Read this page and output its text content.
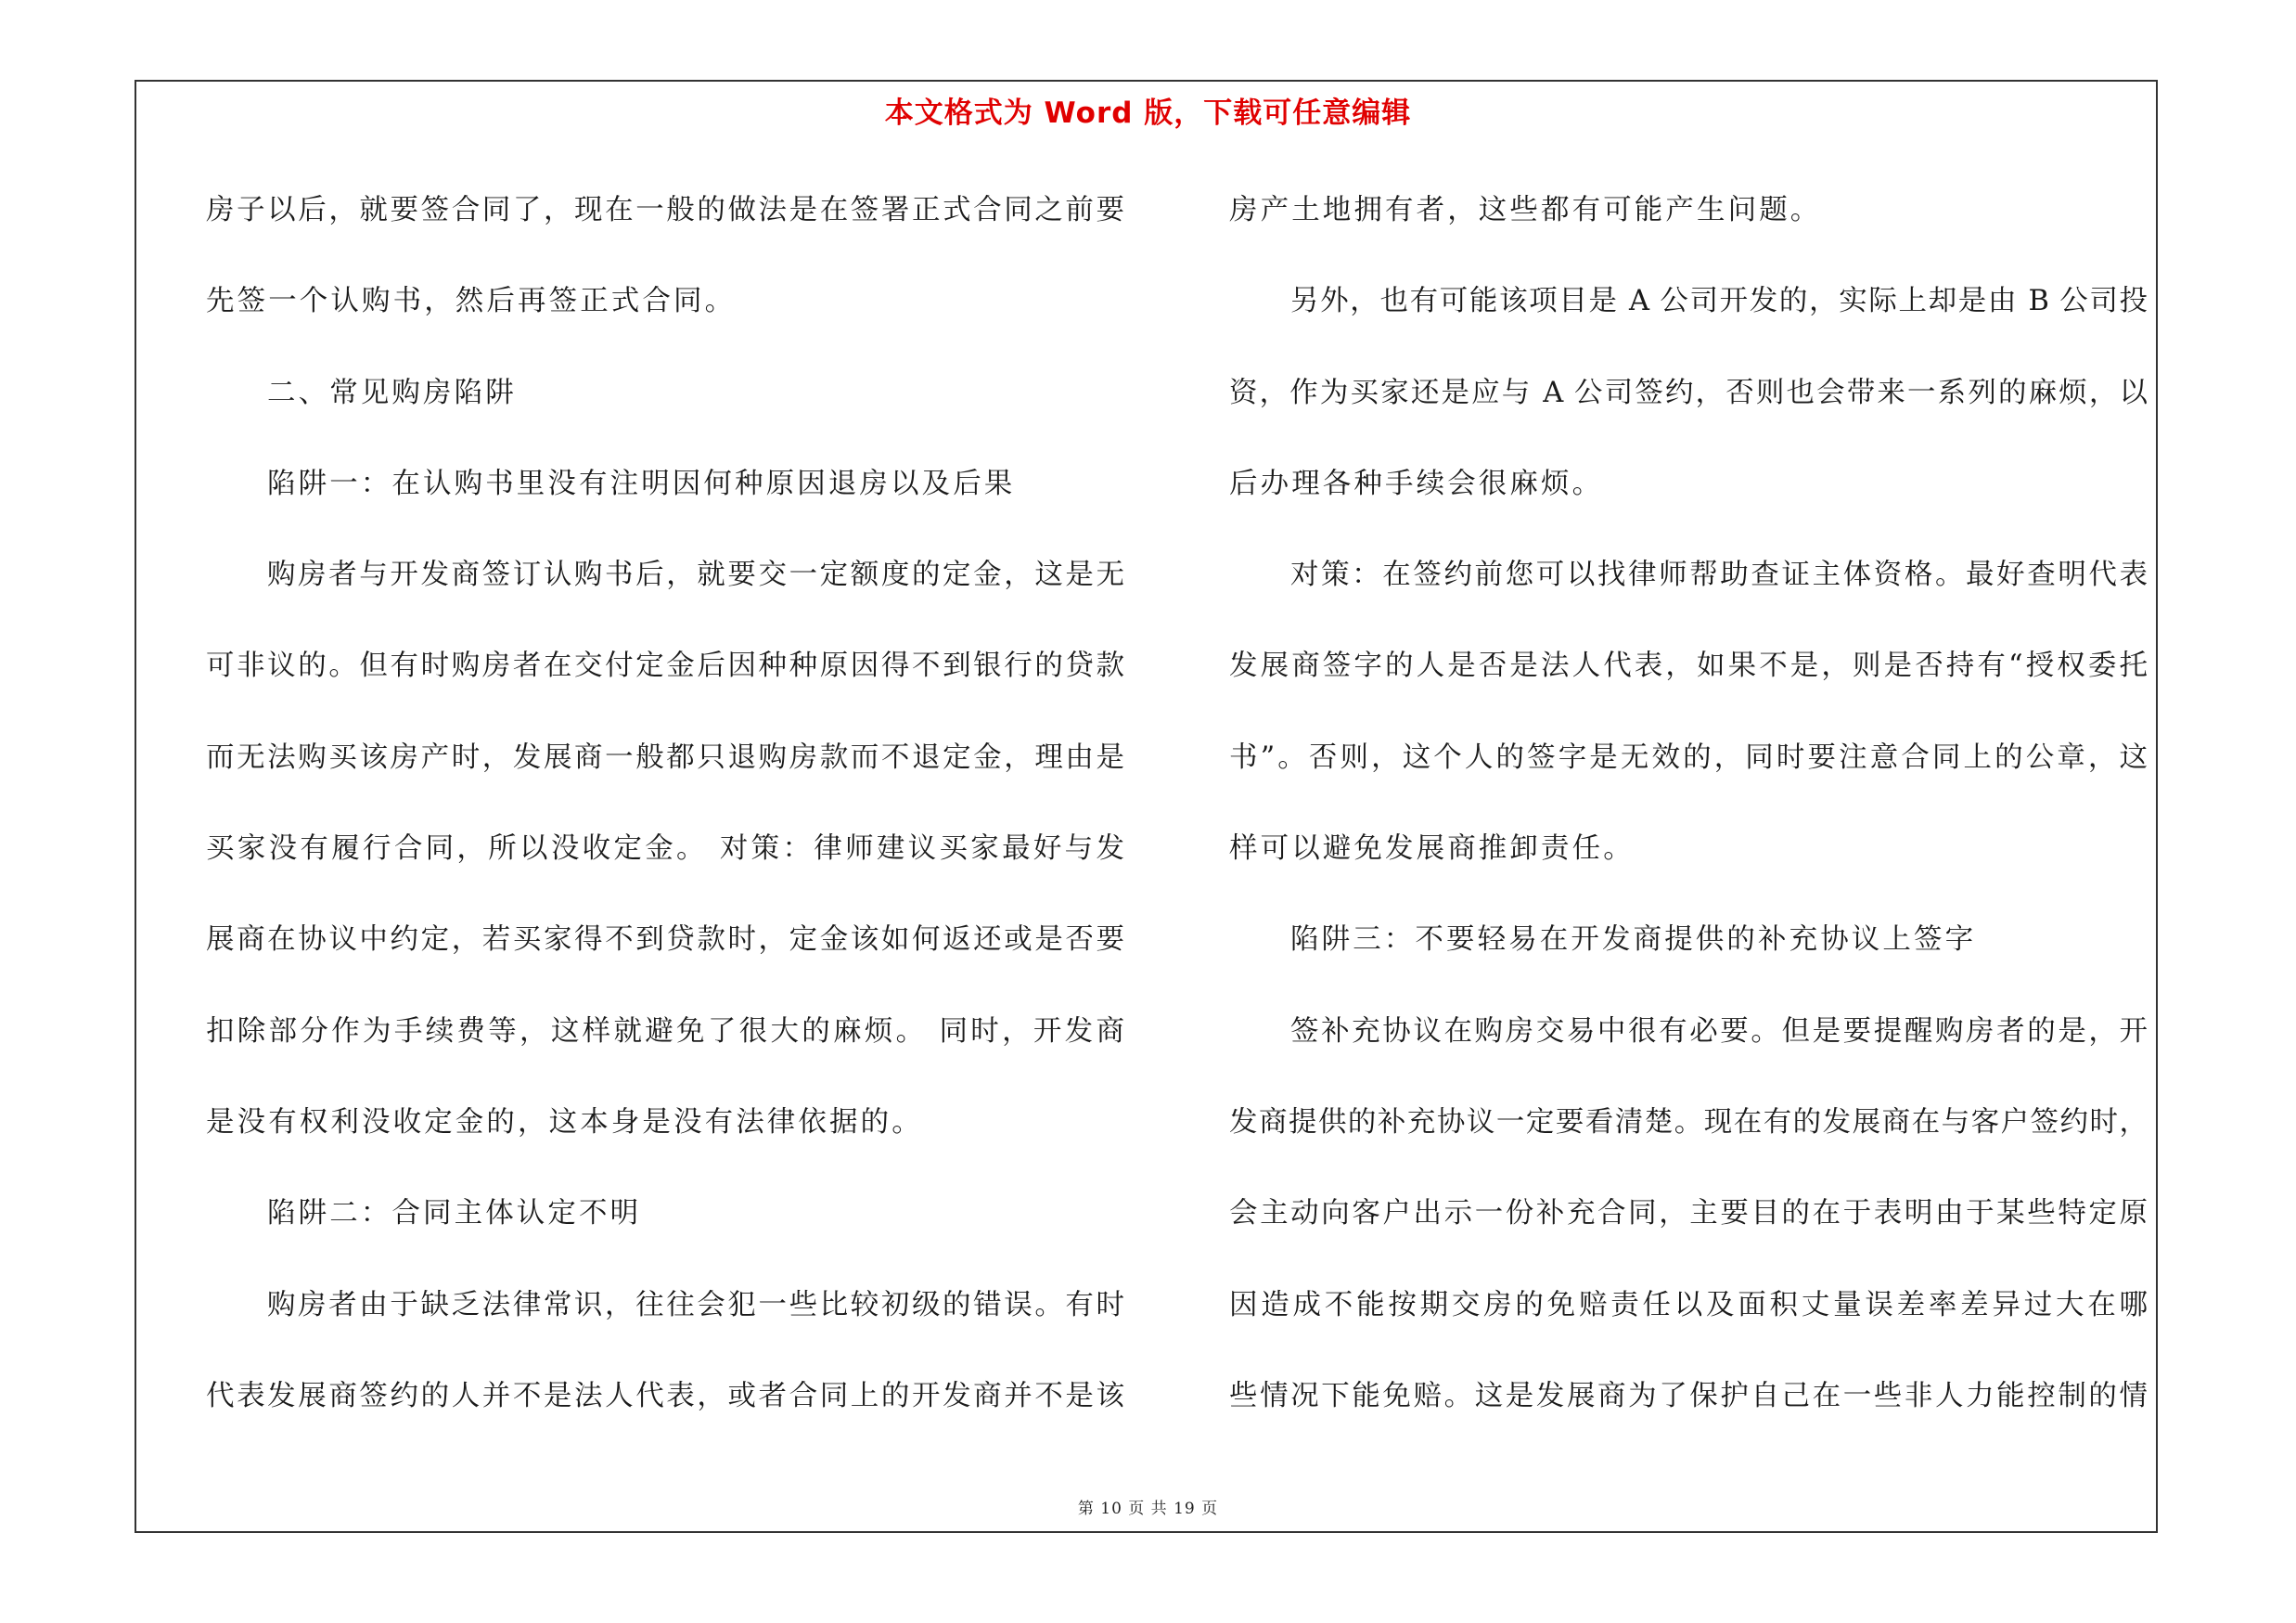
本文格式为 Word 版，下载可任意编辑
房子以后，就要签合同了，现在一般的做法是在签署正式合同之前要
先签一个认购书，然后再签正式合同。
二、常见购房陷阱
陷阱一：在认购书里没有注明因何种原因退房以及后果
购房者与开发商签订认购书后，就要交一定额度的定金，这是无
可非议的。但有时购房者在交付定金后因种种原因得不到银行的贷款
而无法购买该房产时，发展商一般都只退购房款而不退定金，理由是
买家没有履行合同，所以没收定金。 对策：律师建议买家最好与发
展商在协议中约定，若买家得不到贷款时，定金该如何返还或是否要
扣除部分作为手续费等，这样就避免了很大的麻烦。 同时，开发商
是没有权利没收定金的，这本身是没有法律依据的。
陷阱二：合同主体认定不明
购房者由于缺乏法律常识，往往会犯一些比较初级的错误。有时
代表发展商签约的人并不是法人代表，或者合同上的开发商并不是该
房产土地拥有者，这些都有可能产生问题。
另外，也有可能该项目是 A 公司开发的，实际上却是由 B 公司投
资，作为买家还是应与 A 公司签约，否则也会带来一系列的麻烦，以
后办理各种手续会很麻烦。
对策：在签约前您可以找律师帮助查证主体资格。最好查明代表
发展商签字的人是否是法人代表，如果不是，则是否持有“授权委托
书”。否则，这个人的签字是无效的，同时要注意合同上的公章，这
样可以避免发展商推卸责任。
陷阱三：不要轻易在开发商提供的补充协议上签字
签补充协议在购房交易中很有必要。但是要提醒购房者的是，开
发商提供的补充协议一定要看清楚。现在有的发展商在与客户签约时，
会主动向客户出示一份补充合同，主要目的在于表明由于某些特定原
因造成不能按期交房的免赔责任以及面积丈量误差率差异过大在哪
些情况下能免赔。这是发展商为了保护自己在一些非人力能控制的情
第 10 页 共 19 页
